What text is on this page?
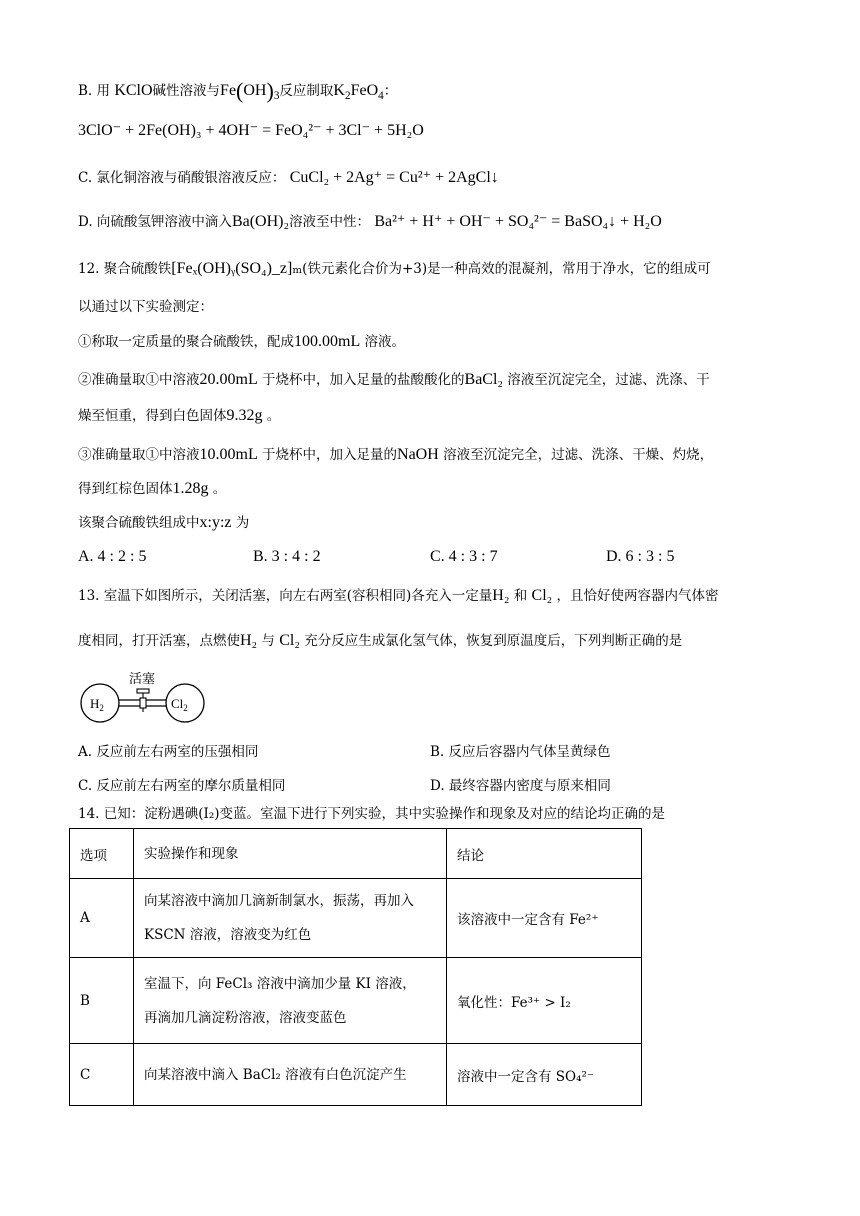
B. 用 KClO碱性溶液与$Fe(OH)_3$反应制取$K_2FeO_4$：
3ClO⁻ + 2Fe(OH)₃ + 4OH⁻ = FeO₄²⁻ + 3Cl⁻ + 5H₂O
C. 氯化铜溶液与硝酸银溶液反应： CuCl₂ + 2Ag⁺ = Cu²⁺ + 2AgCl↓
D. 向硫酸氢钾溶液中滴入Ba(OH)₂溶液至中性： Ba²⁺ + H⁺ + OH⁻ + SO₄²⁻ = BaSO₄↓ + H₂O
12. 聚合硫酸铁[Feₓ(OH)ᵧ(SO₄)_z]ₘ(铁元素化合价为+3)是一种高效的混凝剂，常用于净水，它的组成可
以通过以下实验测定：
①称取一定质量的聚合硫酸铁，配成100.00mL 溶液。
②准确量取①中溶液20.00mL 于烧杯中，加入足量的盐酸酸化的BaCl₂ 溶液至沉淀完全，过滤、洗涤、干
燥至恒重，得到白色固体9.32g 。
③准确量取①中溶液10.00mL 于烧杯中，加入足量的NaOH 溶液至沉淀完全，过滤、洗涤、干燥、灼烧，
得到红棕色固体1.28g 。
该聚合硫酸铁组成中x:y:z 为
A. 4 : 2 : 5	B. 3 : 4 : 2	C. 4 : 3 : 7	D. 6 : 3 : 5
13. 室温下如图所示，关闭活塞，向左右两室(容积相同)各充入一定量H₂ 和 Cl₂ ，且恰好使两容器内气体密
度相同，打开活塞，点燃使H₂ 与 Cl₂ 充分反应生成氯化氢气体，恢复到原温度后，下列判断正确的是
活塞
$H_2$	$Cl_2$
A. 反应前左右两室的压强相同	B. 反应后容器内气体呈黄绿色
C. 反应前左右两室的摩尔质量相同	D. 最终容器内密度与原来相同
14. 已知：淀粉遇碘(I₂)变蓝。室温下进行下列实验，其中实验操作和现象及对应的结论均正确的是
选项	实验操作和现象	结论
A	向某溶液中滴加几滴新制氯水，振荡，再加入
KSCN 溶液，溶液变为红色	该溶液中一定含有 Fe²⁺
B	室温下，向 FeCl₃ 溶液中滴加少量 KI 溶液，
再滴加几滴淀粉溶液，溶液变蓝色	氧化性：Fe³⁺ > I₂
C	向某溶液中滴入 BaCl₂ 溶液有白色沉淀产生	溶液中一定含有 SO₄²⁻
